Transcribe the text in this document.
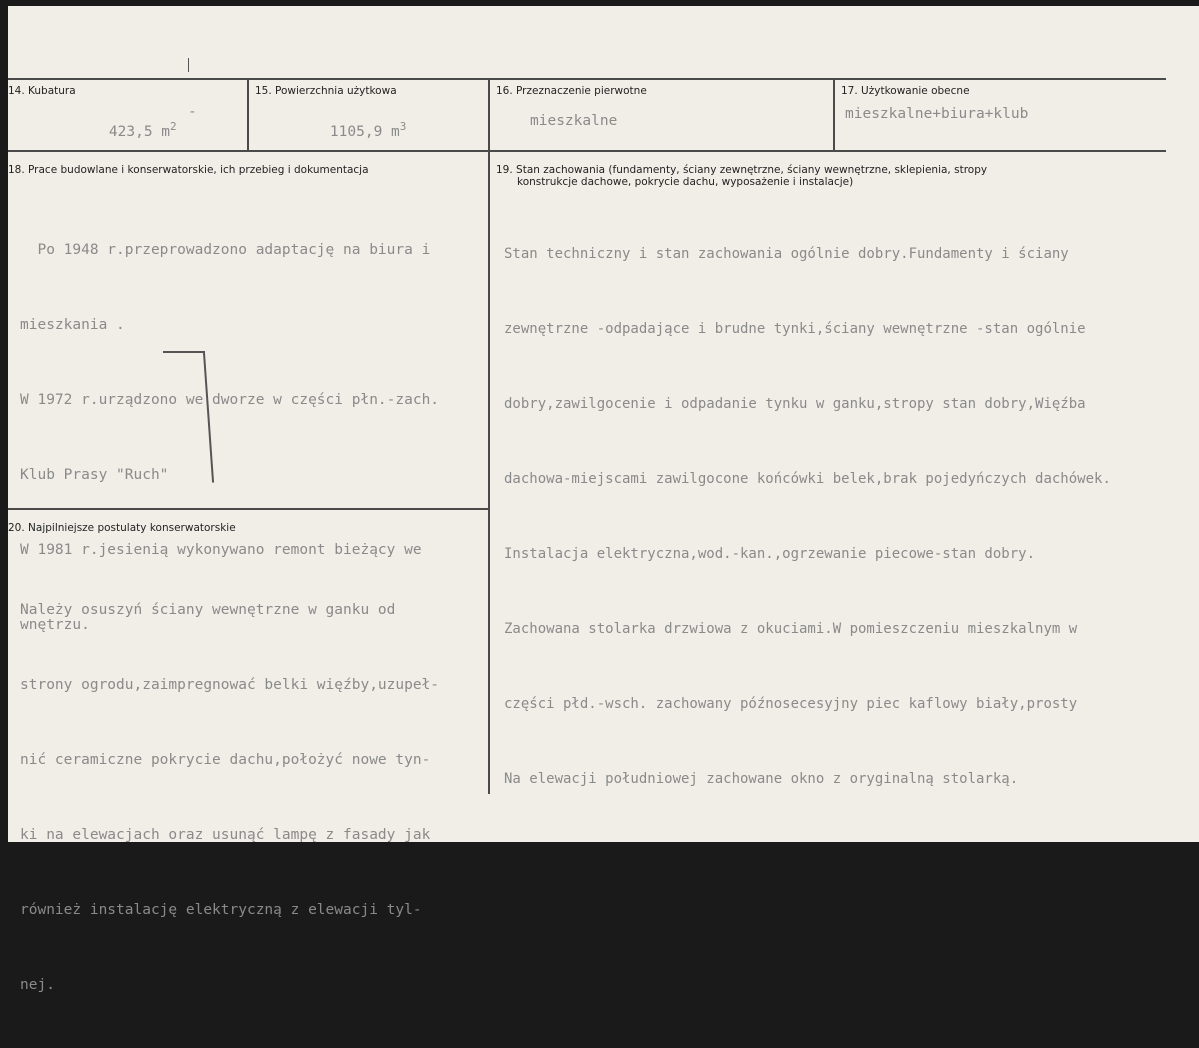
14. Kubatura

423,5 $m^2$

-
15. Powierzchnia użytkowa

1105,9 $m^3$

16. Przeznaczenie pierwotne
mieszkalne
17. Użytkowanie obecne
mieszkalne+biura+klub
18. Prace budowlane i konserwatorskie, ich przebieg i dokumentacja

Po 1948 r.przeprowadzono adaptację na biura i

mieszkania .

W 1972 r.urządzono we dworze w części płn.-zach.

Klub Prasy "Ruch"

W 1981 r.jesienią wykonywano remont bieżący we

wnętrzu.

19. Stan zachowania (fundamenty, ściany zewnętrzne, ściany wewnętrzne, sklepienia, stropy
konstrukcje dachowe, pokrycie dachu, wyposażenie i instalacje)

Stan techniczny i stan zachowania ogólnie dobry.Fundamenty i ściany

zewnętrzne -odpadające i brudne tynki,ściany wewnętrzne -stan ogólnie

dobry,zawilgocenie i odpadanie tynku w ganku,stropy stan dobry,Więźba

dachowa-miejscami zawilgocone końcówki belek,brak pojedyńczych dachówek.

Instalacja elektryczna,wod.-kan.,ogrzewanie piecowe-stan dobry.

Zachowana stolarka drzwiowa z okuciami.W pomieszczeniu mieszkalnym w

części płd.-wsch. zachowany późnosecesyjny piec kaflowy biały,prosty

Na elewacji południowej zachowane okno z oryginalną stolarką.

20. Najpilniejsze postulaty konserwatorskie

Należy osuszyń ściany wewnętrzne w ganku od

strony ogrodu,zaimpregnować belki więźby,uzupeł-

nić ceramiczne pokrycie dachu,położyć nowe tyn-

ki na elewacjach oraz usunąć lampę z fasady jak

również instalację elektryczną z elewacji tyl-

nej.
